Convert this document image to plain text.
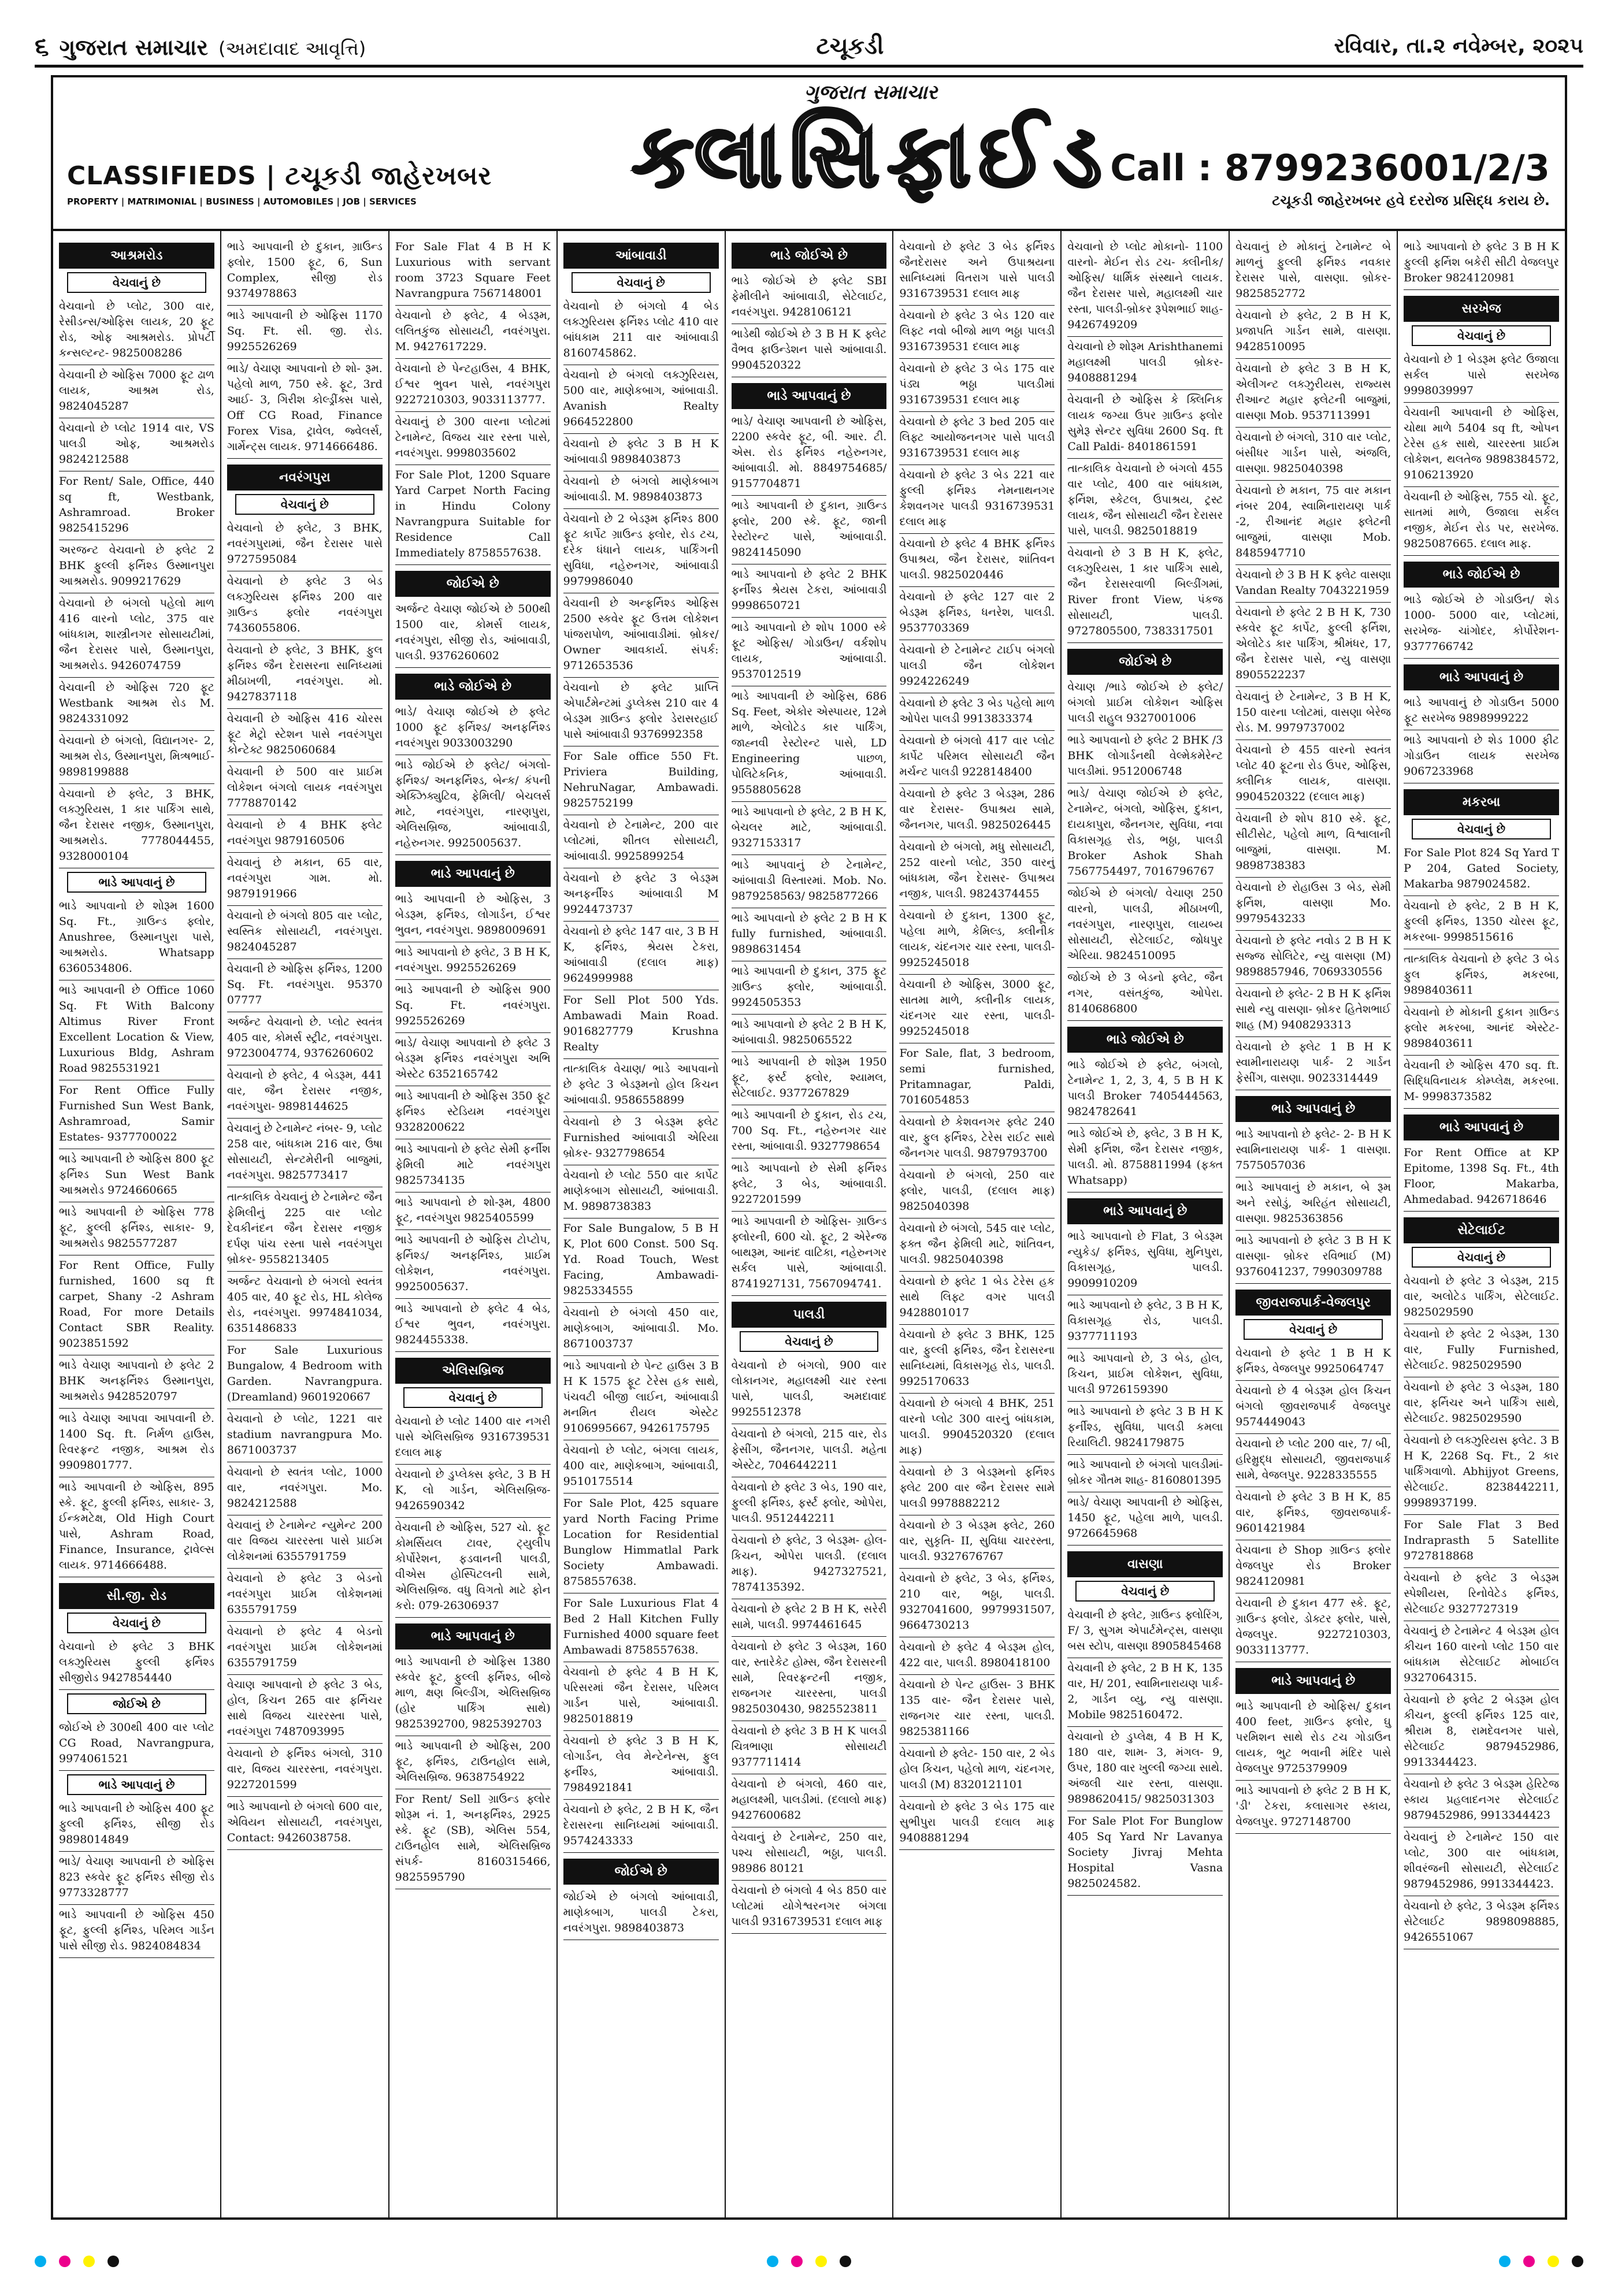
૬ ગુજરાત સમાચાર (અમદાવાદ આવૃત્તિ)	ટચૂકડી	રવિવાર, તા.૨ નવેમ્બર, ૨૦૨૫
CLASSIFIEDS | ટચૂકડી જાહેરખબર
PROPERTY | MATRIMONIAL | BUSINESS | AUTOMOBILES | JOB | SERVICES
ગુજરાત સમાચાર
ક્લાસિફાઈડ Call : 8799236001/2/3
ટચૂકડી જાહેરખબર હવે દરરોજ પ્રસિદ્ધ કરાય છે.
આશ્રમરોડ
વેચવાનું છે
વેચવાનો છે પ્લોટ, 300 વાર, રેસીડન્સ/ઓફિસ લાયક, 20 ફૂટ રોડ, ઓફ આશ્રમરોડ. પ્રોપર્ટી કન્સલ્ટન્ટ- 9825008286
વેચવાની છે ઓફિસ 7000 ફૂટ ઢાળ લાયક, આશ્રમ રોડ, 9824045287
વેચવાનો છે પ્લોટ 1914 વાર, VS પાલડી ઓફ, આશ્રમરોડ 9824212588
For Rent/ Sale, Office, 440 sq ft, Westbank, Ashramroad. Broker 9825415296
અરજન્ટ વેચવાનો છે ફ્લેટ 2 BHK ફુલ્લી ફર્નિશ્ડ ઉસ્માનપુરા આશ્રમરોડ. 9099217629
વેચવાનો છે બંગલો પહેલો માળ 416 વારનો પ્લોટ, 375 વાર બાંધકામ, શાસ્ત્રીનગર સોસાયટીમાં, જૈન દેરાસર પાસે, ઉસ્માનપુરા, આશ્રમરોડ. 9426074759
વેચવાની છે ઓફિસ 720 ફૂટ Westbank આશ્રમ રોડ M. 9824331092
વેચવાનો છે બંગલો, વિદ્યાનગર- 2, આશ્રમ રોડ, ઉસ્માનપુરા, મિત્ર્ષભાઈ- 9898199888
વેચવાનો છે ફ્લેટ, 3 BHK, લક્ઝુરિયસ, 1 કાર પાર્કિંગ સાથે, જૈન દેરાસર નજીક, ઉસ્માનપુરા, આશ્રમરોડ. 7778044455, 9328000104
ભાડે આપવાનું છે
ભાડે આપવાનો છે શોરૂમ 1600 Sq. Ft., ગ્રાઉન્ડ ફ્લોર, Anushree, ઉસ્માનપુરા પાસે, આશ્રમરોડ. Whatsapp 6360534806.
ભાડે આપવાની છે Office 1060 Sq. Ft With Balcony Altimus River Front Excellent Location & View, Luxurious Bldg, Ashram Road 9825531921
For Rent Office Fully Furnished Sun West Bank, Ashramroad, Samir Estates- 9377700022
ભાડે આપવાની છે ઓફિસ 800 ફૂટ ફર્નિશ્ડ Sun West Bank આશ્રમરોડ 9724660665
ભાડે આપવાની છે ઓફિસ 778 ફૂટ, ફુલ્લી ફર્નિશ્ડ, સાકાર- 9, આશ્રમરોડ 9825577287
For Rent Office, Fully furnished, 1600 sq ft carpet, Shany -2 Ashram Road, For more Details Contact SBR Reality. 9023851592
ભાડે વેચાણ આપવાનો છે ફ્લેટ 2 BHK અનફર્નિશ્ડ ઉસ્માનપુરા, આશ્રમરોડ 9428520797
ભાડે વેચાણ આપવા આપવાની છે. 1400 Sq. ft. નિર્મળ હાઉસ, રિવરફ્રન્ટ નજીક, આશ્રમ રોડ 9909801777.
ભાડે આપવાની છે ઓફિસ, 895 સ્કે. ફૂટ, ફુલ્લી ફર્નિશ્ડ, સાકાર- 3, ઈન્કમટેક્ષ, Old High Court પાસે, Ashram Road, Finance, Insurance, ટ્રાવેલ્સ લાયક. 9714666488.
સી.જી. રોડ
વેચવાનું છે
વેચવાનો છે ફ્લેટ 3 BHK લક્ઝુરિયસ ફુલ્લી ફર્નિશ્ડ સીજીરોડ 9427854440
જોઈએ છે
જોઈએ છે 300થી 400 વાર પ્લોટ CG Road, Navrangpura, 9974061521
ભાડે આપવાનું છે
ભાડે આપવાની છે ઓફિસ 400 ફૂટ ફુલ્લી ફર્નિશ્ડ, સીજી રોડ 9898014849
ભાડે/ વેચાણ આપવાની છે ઓફિસ 823 સ્કવેર ફૂટ ફર્નિશ્ડ સીજી રોડ 9773328777
ભાડે આપવાની છે ઓફિસ 450 ફૂટ, ફુલ્લી ફર્નિશ્ડ, પરિમલ ગાર્ડન પાસે સીજી રોડ. 9824084834
ભાડે આપવાની છે દુકાન, ગ્રાઉન્ડ ફ્લોર, 1500 ફૂટ, 6, Sun Complex, સીજી રોડ 9374978863
ભાડે આપવાની છે ઓફિસ 1170 Sq. Ft. સી. જી. રોડ. 9925526269
ભાડે/ વેચાણ આપવાનો છે શો- રૂમ. પહેલો માળ, 750 સ્કે. ફૂટ, 3rd આઈ- 3, ગિરીશ કોલ્ડ્રીંક્સ પાસે, Off CG Road, Finance Forex Visa, ટ્રાવેલ, જ્વેલર્સ, ગાર્મેન્ટ્સ લાયક. 9714666486.
નવરંગપુરા
વેચવાનું છે
વેચવાનો છે ફ્લેટ, 3 BHK, નવરંગપુરામાં, જૈન દેરાસર પાસે 9727595084
વેચવાનો છે ફ્લેટ 3 બેડ લક્ઝુરિયસ ફર્નિશ્ડ 200 વાર ગ્રાઉન્ડ ફ્લોર નવરંગપુરા 7436055806.
વેચવાનો છે ફ્લેટ, 3 BHK, ફુલ ફર્નિશ્ડ જૈન દેરાસરના સાનિધ્યમાં મીઠાખળી, નવરંગપુરા. મો. 9427837118
વેચવાની છે ઓફિસ 416 ચોરસ ફૂટ મેટ્રો સ્ટેશન પાસે નવરંગપુરા કોન્ટેક્ટ 9825060684
વેચવાની છે 500 વાર પ્રાઈમ લોકેશન બંગલો લાયક નવરંગપુરા 7778870142
વેચવાનો છે 4 BHK ફ્લેટ નવરંગપુરા 9879160506
વેચવાનું છે મકાન, 65 વાર, નવરંગપુરા ગામ. મો. 9879191966
વેચવાનો છે બંગલો 805 વાર પ્લોટ, સ્વસ્તિક સોસાયટી, નવરંગપુરા. 9824045287
વેચવાની છે ઓફિસ ફર્નિશ્ડ, 1200 Sq. Ft. નવરંગપુરા. 95370 07777
અર્જન્ટ વેચવાનો છે. પ્લોટ સ્વતંત્ર 405 વાર, કોમર્સ સ્ટ્રીટ, નવરંગપુરા. 9723004774, 9376260602
વેચવાનો છે ફ્લેટ, 4 બેડરૂમ, 441 વાર, જૈન દેરાસર નજીક, નવરંગપુરા- 9898144625
વેચવાનું છે ટેનામેન્ટ નંબર- 9, પ્લોટ 258 વાર, બાંધકામ 216 વાર, ઉષા સોસાયટી, સેન્ટમેરીની બાજુમાં, નવરંગપુરા. 9825773417
તાત્કાલિક વેચવાનું છે ટેનામેન્ટ જૈન ફેમિલીનું 225 વાર પ્લોટ દેવકીનંદન જૈન દેરાસર નજીક દર્પણ પાંચ રસ્તા પાસે નવરંગપુરા બ્રોકર- 9558213405
અર્જન્ટ વેચવાનો છે બંગલો સ્વતંત્ર 405 વાર, 40 ફૂટ રોડ, HL કોલેજ રોડ, નવરંગપુરા. 9974841034, 6351486833
For Sale Luxurious Bungalow, 4 Bedroom with Garden. Navrangpura. (Dreamland) 9601920667
વેચવાનો છે પ્લોટ, 1221 વાર stadium navrangpura Mo. 8671003737
વેચવાનો છે સ્વતંત્ર પ્લોટ, 1000 વાર, નવરંગપુરા. Mo. 9824212588
વેચવાનું છે ટેનામેન્ટ ન્યુમેન્ટ 200 વાર વિજય ચારરસ્તા પાસે પ્રાઈમ લોકેશનમાં 6355791759
વેચવાનો છે ફ્લેટ 3 બેડનો નવરંગપુરા પ્રાઈમ લોકેશનમાં 6355791759
વેચવાનો છે ફ્લેટ 4 બેડનો નવરંગપુરા પ્રાઈમ લોકેશનમાં 6355791759
વેચાણ આપવાનો છે ફ્લેટ 3 બેડ, હોલ, કિચન 265 વાર ફર્નિચર સાથે વિજય ચારરસ્તા પાસે, નવરંગપુરા 7487093995
વેચવાનો છે ફર્નિશ્ડ બંગલો, 310 વાર, વિજય ચારરસ્તા, નવરંગપુરા. 9227201599
ભાડે આપવાનો છે બંગલો 600 વાર, એવિયન સોસાયટી, નવરંગપુરા, Contact: 9426038758.
For Sale Flat 4 B H K Luxurious with servant room 3723 Square Feet Navrangpura 7567148001
વેચવાનો છે ફ્લેટ, 4 બેડરૂમ, લલિતકુંજ સોસાયટી, નવરંગપુરા. M. 9427617229.
વેચવાનો છે પેન્ટહાઉસ, 4 BHK, ઈશ્વર ભુવન પાસે, નવરંગપુરા 9227210303, 9033113777.
વેચવાનું છે 300 વારના પ્લોટમાં ટેનામેન્ટ, વિજય ચાર રસ્તા પાસે, નવરંગપુરા. 9998035602
For Sale Plot, 1200 Square Yard Carpet North Facing in Hindu Colony Navrangpura Suitable for Residence Call Immediately 8758557638.
જોઈએ છે
અર્જન્ટ વેચાણ જોઈએ છે 500થી 1500 વાર, કોમર્સ લાયક, નવરંગપુરા, સીજી રોડ, આંબાવાડી, પાલડી. 9376260602
ભાડે જોઈએ છે
ભાડે/ વેચાણ જોઈએ છે ફ્લેટ 1000 ફૂટ ફર્નિશ્ડ/ અનફર્નિશ્ડ નવરંગપુરા 9033003290
ભાડે જોઈએ છે ફ્લેટ/ બંગલો- ફર્નિશ્ડ/ અનફર્નિશ્ડ, બેન્ક/ કંપની એક્ઝિક્યુટિવ, ફેમિલી/ બેચલર્સ માટે, નવરંગપુરા, નારણપુરા, એલિસબ્રિજ, આંબાવાડી, નહેરુનગર. 9925005637.
ભાડે આપવાનું છે
ભાડે આપવાની છે ઓફિસ, 3 બેડરૂમ, ફર્નિશ્ડ, લોગાર્ડન, ઈશ્વર ભુવન, નવરંગપુરા. 9898009691
ભાડે આપવાનો છે ફ્લેટ, 3 B H K, નવરંગપુરા. 9925526269
ભાડે આપવાની છે ઓફિસ 900 Sq. Ft. નવરંગપુરા. 9925526269
ભાડે/ વેચાણ આપવાનો છે ફ્લેટ 3 બેડરૂમ ફર્નિશ્ડ નવરંગપુરા અભિ એસ્ટેટ 6352165742
ભાડે આપવાની છે ઓફિસ 350 ફૂટ ફર્નિશ્ડ સ્ટેડિયમ નવરંગપુરા 9328200622
ભાડે આપવાનો છે ફ્લેટ સેમી ફર્નીશ ફેમિલી માટે નવરંગપુરા 9825734135
ભાડે આપવાનો છે શો-રૂમ, 4800 ફૂટ, નવરંગપુરા 9825405599
ભાડે આપવાની છે ઓફિસ ટોપ્ટોપ, ફર્નિશ્ડ/ અનફર્નિશ્ડ, પ્રાઈમ લોકેશન, નવરંગપુરા. 9925005637.
ભાડે આપવાનો છે ફ્લેટ 4 બેડ, ઈશ્વર ભુવન, નવરંગપુરા. 9824455338.
એલિસબ્રિજ
વેચવાનું છે
વેચવાનો છે પ્લોટ 1400 વાર નગરી પાસે એલિસબ્રિજ 9316739531 દલાલ માફ
વેચવાનો છે ડુપ્લેક્સ ફ્લેટ, 3 B H K, લો ગાર્ડન, એલિસબ્રિજ- 9426590342
વેચવાની છે ઓફિસ, 527 ચો. ફૂટ કોમર્સિયલ ટાવર, ટ્યુલીપ કોર્પોરેશન, ફડવાનની પાલડી, વીએસ હોસ્પિટલની સામે, એલિસબ્રિજ. વધુ વિગતો માટે ફોન કરો: 079-26306937
ભાડે આપવાનું છે
ભાડે આપવાની છે ઓફિસ 1380 સ્કવેર ફૂટ, ફુલ્લી ફર્નિશ્ડ, બીજે માળ, ક્ષણ બિલ્ડીંગ, એલિસબ્રિજ (હોર પાર્કિંગ સાથે) 9825392700, 9825392703
ભાડે આપવાની છે ઓફિસ, 200 ફૂટ, ફર્નિશ્ડ, ટાઉનહોલ સામે, એલિસબ્રિજ. 9638754922
For Rent/ Sell ગ્રાઉન્ડ ફ્લોર શોરૂમ નં. 1, અનફર્નિશ્ડ, 2925 સ્કે. ફૂટ (SB), એલિસ 554, ટાઉનહોલ સામે, એલિસબ્રિજ સંપર્ક- 8160315466, 9825595790
આંબાવાડી
વેચવાનું છે
વેચવાનો છે બંગલો 4 બેડ લક્ઝુરિયસ ફર્નિશ્ડ પ્લોટ 410 વાર બાંધકામ 211 વાર આંબાવાડી 8160745862.
વેચવાનો છે બંગલો લક્ઝુરિયસ, 500 વાર, માણેકબાગ, આંબાવાડી. Avanish Realty 9664522800
વેચવાનો છે ફ્લેટ 3 B H K આંબાવાડી 9898403873
વેચવાનો છે બંગલો માણેકબાગ આંબાવાડી. M. 9898403873
વેચવાનો છે 2 બેડરૂમ ફર્નિશ્ડ 800 ફૂટ કાર્પેટ ગ્રાઉન્ડ ફ્લોર, રોડ ટચ, દરેક ધંધાને લાયક, પાર્કિંગની સુવિધા, નહેરુનગર, આંબાવાડી 9979986040
વેચવાની છે અન્ફર્નિશ્ડ ઓફિસ 2500 સ્કવેર ફૂટ ઉત્તમ લોકેશન પાંજરાપોળ, આંબાવાડીમાં. બ્રોકર/ Owner આવકાર્ય. સંપર્ક: 9712653536
વેચવાનો છે ફ્લેટ પ્રાપ્તિ એપાર્ટમેન્ટમાં ડુપ્લેક્સ 210 વાર 4 બેડરૂમ ગ્રાઉન્ડ ફ્લોર ડેરાસરહાઈ પાસે આંબાવાડી 9376992358
For Sale office 550 Ft. Priviera Building, NehruNagar, Ambawadi. 9825752199
વેચવાનો છે ટેનામેન્ટ, 200 વાર પ્લોટમાં, શીતલ સોસાયટી, આંબાવાડી. 9925899254
વેચવાનો છે ફ્લેટ 3 બેડરૂમ અનફર્નીશ્ડ આંબાવાડી M 9924473737
વેચવાનો છે ફ્લેટ 147 વાર, 3 B H K, ફર્નિશ્ડ, શ્રેયસ ટેકરા, આંબાવાડી (દલાલ માફ) 9624999988
For Sell Plot 500 Yds. Ambawadi Main Road. 9016827779 Krushna Realty
તાત્કાલિક વેચાણ/ ભાડે આપવાનો છે ફ્લેટ 3 બેડરૂમનો હોલ કિચન આંબાવાડી. 9586558899
વેચવાનો છે 3 બેડરૂમ ફ્લેટ Furnished આંબાવાડી એરિયા બ્રોકર- 9327798654
વેચવાનો છે પ્લોટ 550 વાર કાર્પેટ માણેકબાગ સોસાયટી, આંબાવાડી. M. 9898738383
For Sale Bungalow, 5 B H K, Plot 600 Const. 500 Sq. Yd. Road Touch, West Facing, Ambawadi- 9825334555
વેચવાનો છે બંગલો 450 વાર, માણેકબાગ, આંબાવાડી. Mo. 8671003737
ભાડે આપવાનો છે પેન્ટ હાઉસ 3 B H K 1575 ફૂટ ટેરેસ હક સાથે, પંચવટી બીજી લાઈન, આંબાવાડી મનમિત રીયલ એસ્ટેટ 9106995667, 9426175795
વેચવાનો છે પ્લોટ, બંગલા લાયક, 400 વાર, માણેકબાગ, આંબાવાડી, 9510175514
For Sale Plot, 425 square yard North Facing Prime Location for Residential Bunglow Himmatlal Park Society Ambawadi. 8758557638.
For Sale Luxurious Flat 4 Bed 2 Hall Kitchen Fully Furnished 4000 square feet Ambawadi 8758557638.
વેચવાનો છે ફ્લેટ 4 B H K, પરિસરમાં જૈન દેરાસર, પરિમલ ગાર્ડન પાસે, આંબાવાડી. 9825018819
વેચવાનો છે ફ્લેટ 3 B H K, લોગાર્ડન, લેવ મેન્ટેનેન્સ, ફુલ ફર્નીશ્ડ, આંબાવાડી. 7984921841
વેચવાનો છે ફ્લેટ, 2 B H K, જૈન દેરાસરના સાનિધ્યમાં આંબાવાડી. 9574243333
જોઈએ છે
જોઈએ છે બંગલો આંબાવાડી, માણેકબાગ, પાલડી ટેકરા, નવરંગપુરા. 9898403873
ભાડે જોઈએ છે
ભાડે જોઈએ છે ફ્લેટ SBI ફેમીલીને આંબાવાડી, સેટેલાઈટ, નવરંગપુરા. 9428106121
ભાડેથી જોઈએ છે 3 B H K ફ્લેટ વૈભવ ફાઉન્ડેશન પાસે આંબાવાડી. 9904520322
ભાડે આપવાનું છે
ભાડે/ વેચાણ આપવાની છે ઓફિસ, 2200 સ્કવેર ફૂટ, બી. આર. ટી. એસ. રોડ ફર્નિશ્ડ નહેરુનગર, આંબાવાડી. મો. 8849754685/ 9157704871
ભાડે આપવાની છે દુકાન, ગ્રાઉન્ડ ફ્લોર, 200 સ્કે. ફૂટ, જાની રેસ્ટોરન્ટ પાસે, આંબાવાડી. 9824145090
ભાડે આપવાનો છે ફ્લેટ 2 BHK ફર્નીશ્ડ શ્રેયસ ટેકરા, આંબાવાડી 9998650721
ભાડે આપવાનો છે શોપ 1000 સ્કે ફૂટ ઓફિસ/ ગોડાઉન/ વર્કશોપ લાયક, આંબાવાડી. 9537012519
ભાડે આપવાની છે ઓફિસ, 686 Sq. Feet, એકોર એસ્પાયર, 12મે માળે, એલોટેડ કાર પાર્કિંગ, જાહ્નવી રેસ્ટોરન્ટ પાસે, LD Engineering પાછળ, પોલિટેકનિક, આંબાવાડી. 9558805628
ભાડે આપવાનો છે ફ્લેટ, 2 B H K, બેચલર માટે, આંબાવાડી. 9327153317
ભાડે આપવાનું છે ટેનામેન્ટ, આંબાવાડી વિસ્તારમાં. Mob. No. 9879258563/ 9825877266
ભાડે આપવાનો છે ફ્લેટ 2 B H K fully furnished, આંબાવાડી. 9898631454
ભાડે આપવાની છે દુકાન, 375 ફૂટ ગ્રાઉન્ડ ફ્લોર, આંબાવાડી. 9924505353
ભાડે આપવાનો છે ફ્લેટ 2 B H K, આંબાવાડી. 9825065522
ભાડે આપવાની છે શોરૂમ 1950 ફૂટ, ફર્સ્ટ ફ્લોર, શ્યામલ, સેટેલાઈટ. 9377267829
ભાડે આપવાની છે દુકાન, રોડ ટચ, 700 Sq. Ft., નહેરુનગર ચાર રસ્તા, આંબાવાડી. 9327798654
ભાડે આપવાનો છે સેમી ફર્નિશ્ડ ફ્લેટ, 3 બેડ, આંબાવાડી. 9227201599
ભાડે આપવાની છે ઓફિસ- ગ્રાઉન્ડ ફ્લોરની, 600 ચો. ફૂટ, 2 એરેન્જ બાથરૂમ, આનંદ વાટિકા, નહેરુનગર સર્કલ પાસે, આંબાવાડી. 8741927131, 7567094741.
પાલડી
વેચવાનું છે
વેચવાનો છે બંગલો, 900 વાર લોકાનગર, મહાલક્ષ્મી ચાર રસ્તા પાસે, પાલડી, અમદાવાદ 9925512378
વેચવાનો છે બંગલો, 215 વાર, રોડ ફેસીંગ, જૈનનગર, પાલડી. મહેતા એસ્ટેટ, 7046442211
વેચવાનો છે ફ્લેટ 3 બેડ, 190 વાર, ફુલ્લી ફર્નિશ્ડ, ફર્સ્ટ ફ્લોર, ઓપેરા, પાલડી. 9512442211
વેચવાનો છે ફ્લેટ, 3 બેડરૂમ- હોલ- કિચન, ઓપેરા પાલડી. (દલાલ માફ). 9427327521, 7874135392.
વેચવાનો છે ફ્લેટ 2 B H K, સરેરી સામે, પાલડી. 9974461645
વેચવાનો છે ફ્લેટ 3 બેડરૂમ, 160 વાર, સ્તારેકેટ હોમ્સ, જૈન દેરાસરની સામે, રિવરફ્રન્ટની નજીક, રાજનગર ચારરસ્તા, પાલડી 9825030430, 9825523811
વેચવાનો છે ફ્લેટ 3 B H K પાલડી ચિત્રભાણા સોસાયટી 9377711414
વેચવાનો છે બંગલો, 460 વાર, મહાલક્ષ્મી, પાલડીમાં. (દલાલો માફ) 9427600682
વેચવાનું છે ટેનામેન્ટ, 250 વાર, પશ્ચ સોસાયટી, ભઠ્ઠા, પાલડી. 98986 80121
વેચવાનો છે બંગલો 4 બેડ 850 વાર પ્લોટમાં યોગેશ્વરનગર બંગલા પાલડી 9316739531 દલાલ માફ
વેચવાનો છે ફ્લેટ 3 બેડ ફર્નિશ્ડ જૈનદેરાસર અને ઉપાશ્રયના સાનિધ્યમાં વિતરાગ પાસે પાલડી 9316739531 દલાલ માફ
વેચવાનો છે ફ્લેટ 3 બેડ 120 વાર લિફ્ટ નવો બીજો માળ ભઠ્ઠા પાલડી 9316739531 દલાલ માફ
વેચવાનો છે ફ્લેટ 3 બેડ 175 વાર પંડ્ય ભઠ્ઠા પાલડીમાં 9316739531 દલાલ માફ
વેચવાનો છે ફ્લેટ 3 bed 205 વાર લિફ્ટ આયોજનનગર પાસે પાલડી 9316739531 દલાલ માફ
વેચવાનો છે ફ્લેટ 3 બેડ 221 વાર ફુલ્લી ફર્નિશ્ડ નેમનાથનગર કેશવનગર પાલડી 9316739531 દલાલ માફ
વેચવાનો છે ફ્લેટ 4 BHK ફર્નિશ્ડ ઉપાશ્રય, જૈન દેરાસર, શાંતિવન પાલડી. 9825020446
વેચવાનો છે ફ્લેટ 127 વાર 2 બેડરૂમ ફર્નિશ્ડ, ધનરેશ, પાલડી. 9537703369
વેચવાનો છે ટેનામેન્ટ ટાઈપ બંગલો પાલડી જૈન લોકેશન 9924226249
વેચવાનો છે ફ્લેટ 3 બેડ પહેલો માળ ઓપેરા પાલડી 9913833374
વેચવાનો છે બંગલો 417 વાર પ્લોટ કાર્પેટ પરિમલ સોસાયટી જૈન મર્ચન્ટ પાલડી 9228148400
વેચવાનો છે ફ્લેટ 3 બેડરૂમ, 286 વાર દેરાસર- ઉપાશ્રય સામે, જૈનનગર, પાલડી. 9825026445
વેચવાનો છે બંગલો, મધુ સોસાયટી, 252 વારનો પ્લોટ, 350 વારનું બાંધકામ, જૈન દેરાસર- ઉપાશ્રય નજીક, પાલડી. 9824374455
વેચવાનો છે દુકાન, 1300 ફૂટ, પહેલા માળે, કેમિલ્ડ, ક્લીનીક લાયક, ચંદનગર ચાર રસ્તા, પાલડી- 9925245018
વેચવાની છે ઓફિસ, 3000 ફૂટ, સાતમા માળે, ક્લીનીક લાયક, ચંદનગર ચાર રસ્તા, પાલડી- 9925245018
For Sale, flat, 3 bedroom, semi furnished, Pritamnagar, Paldi, 7016054853
વેચવાનો છે કેશવનગર ફ્લેટ 240 વાર, ફુલ ફર્નિશ્ડ, ટેરેસ રાઈટ સાથે જૈનનગર પાલડી. 9879793700
વેચવાનો છે બંગલો, 250 વાર ફ્લોર, પાલડી, (દલાલ માફ) 9825040398
વેચવાનો છે બંગલો, 545 વાર પ્લોટ, ફક્ત જૈન ફેમિલી માટે, શાંતિવન, પાલડી. 9825040398
વેચવાનો છે ફ્લેટ 1 બેડ ટેરેસ હક સાથે લિફ્ટ વગર પાલડી 9428801017
વેચવાનો છે ફ્લેટ 3 BHK, 125 વાર, ફુલ્લી ફર્નિશ્ડ, જૈન દેરાસરના સાનિધ્યમાં, વિકાસગૃહ રોડ, પાલડી. 9925170633
વેચવાનો છે બંગલો 4 BHK, 251 વારનો પ્લોટ 300 વારનું બાંધકામ, પાલડી. 9904520320 (દલાલ માફ)
વેચવાનો છે 3 બેડરૂમનો ફર્નિશ્ડ ફ્લેટ 200 વાર જૈન દેરાસર સામે પાલડી 9978882212
વેચવાનો છે 3 બેડરૂમ ફ્લેટ, 260 વાર, સુકૃતિ- II, સુવિધા ચારરસ્તા, પાલડી. 9327676767
વેચવાનો છે ફ્લેટ, 3 બેડ, ફર્નિશ્ડ, 210 વાર, ભઠ્ઠા, પાલડી. 9327041600, 9979931507, 9664730213
વેચવાનો છે ફ્લેટ 4 બેડરૂમ હોલ, 422 વાર, પાલડી. 8980418100
વેચવાનો છે પેન્ટ હાઉસ- 3 BHK 135 વાર- જૈન દેરાસર પાસે, રાજનગર ચાર રસ્તા, પાલડી. 9825381166
વેચવાનો છે ફ્લેટ- 150 વાર, 2 બેડ હોલ કિચન, પહેલો માળ, ચંદનગર, પાલડી (M) 8320121101
વેચવાનો છે ફ્લેટ 3 બેડ 175 વાર સુભીપુરા પાલડી દલાલ માફ 9408881294
વેચવાનો છે પ્લોટ મોકાનો- 1100 વારનો- મેઈન રોડ ટચ- ક્લીનીક/ ઓફિસ/ ધાર્મિક સંસ્થાને લાયક. જૈન દેરાસર પાસે, મહાલક્ષ્મી ચાર રસ્તા, પાલડી-બ્રોકર રૂપેશભાઈ શાહ- 9426749209
વેચવાનો છે શોરૂમ Arishthanemi મહાલક્ષ્મી પાલડી બ્રોકર- 9408881294
વેચવાની છે ઓફિસ કે ક્લિનિક લાયક જગ્યા ઉપર ગ્રાઉન્ડ ફ્લોર સુમેરૂ સેન્ટર સુવિધા 2600 Sq. ft Call Paldi- 8401861591
તાત્કાલિક વેચવાનો છે બંગલો 455 વાર પ્લોટ, 400 વાર બાંધકામ, ફર્નિશ, સ્કેટલ, ઉપાશ્રય, ટ્રસ્ટ લાયક, જૈન સોસાયટી જૈન દેરાસર પાસે, પાલડી. 9825018819
વેચવાનો છે 3 B H K, ફ્લેટ, લક્ઝુરિયસ, 1 કાર પાર્કિંગ સાથે, જૈન દેરાસરવાળી બિલ્ડીંગમાં, River front View, પંકજ સોસાયટી, પાલડી. 9727805500, 7383317501
જોઈએ છે
વેચાણ /ભાડે જોઈએ છે ફ્લેટ/ બંગલો પ્રાઈમ લોકેશન ઓફિસ પાલડી રાહુલ 9327001006
ભાડે આપવાનો છે ફ્લેટ 2 BHK /3 BHK લોગાર્ડનથી વેલ્મેકમેરેન્ટ પાલડીમાં. 9512006748
ભાડે/ વેચાણ જોઈએ છે ફ્લેટ, ટેનામેન્ટ, બંગલો, ઓફિસ, દુકાન, દાયકાપુરા, જૈનનગર, સુવિધા, નવા વિકાસગૃહ રોડ, ભઠ્ઠા, પાલડી Broker Ashok Shah 7567754497, 7016796767
જોઈએ છે બંગલો/ વેચાણ 250 વારનો, પાલડી, મીઠાખળી, નવરંગપુરા, નારણપુરા, લાયબ્ય સોસાયટી, સેટેલાઈટ, જોધપુર એરિયા. 9824510095
જોઈએ છે 3 બેડનો ફ્લેટ, જૈન નગર, વસંતકુંજ, ઓપેરા. 8140686800
ભાડે જોઈએ છે
ભાડે જોઈએ છે ફ્લેટ, બંગલો, ટેનામેન્ટ 1, 2, 3, 4, 5 B H K પાલડી Broker 7405444563, 9824782641
ભાડે જોઈએ છે, ફ્લેટ, 3 B H K, સેમી ફર્નિશ, જૈન દેરાસર નજીક, પાલડી. મો. 8758811994 (ફક્ત Whatsapp)
ભાડે આપવાનું છે
ભાડે આપવાનો છે Flat, 3 બેડરૂમ ન્યુકેડ/ ફર્નિશ્ડ, સુવિધા, મુનિપુરા, વિકાસગૃહ, પાલડી. 9909910209
ભાડે આપવાનો છે ફ્લેટ, 3 B H K, વિકાસગૃહ રોડ, પાલડી. 9377711193
ભાડે આપવાનો છે, 3 બેડ, હોલ, કિચન, પ્રાઈમ લોકેશન, સુવિધા, પાલડી 9726159390
ભાડે આપવાનો છે ફ્લેટ 3 B H K ફર્નીશ્ડ, સુવિધા, પાલડી કમલા રિયાલિટી. 9824179875
ભાડે આપવાનો છે બંગલો પાલડીમાં- બ્રોકર ગૌતમ શાહ- 8160801395
ભાડે/ વેચાણ આપવાની છે ઓફિસ, 1450 ફૂટ, પહેલા માળે, પાલડી. 9726645968
વાસણા
વેચવાનું છે
વેચવાની છે ફ્લેટ, ગ્રાઉન્ડ ફ્લોરિંગ, F/ 3, સુગમ એપાર્ટમેન્ટ્સ, વાસણા બસ સ્ટોપ, વાસણા 8905845468
વેચવાની છે ફ્લેટ, 2 B H K, 135 વાર, H/ 201, સ્વામિનારાયણ પાર્ક- 2, ગાર્ડન વ્યુ, ન્યુ વાસણા. Mobile 9825160472.
વેચવાનો છે ડુપ્લેક્ષ, 4 B H K, 180 વાર, શામ- 3, મંગલ- 9, ઉપર, 180 વાર ખુલ્લી જગ્યા સાથે. અંજલી ચાર રસ્તા, વાસણા. 9898620415/ 9825031303
For Sale Plot For Bunglow 405 Sq Yard Nr Lavanya Society Jivraj Mehta Hospital Vasna 9825024582.
વેચવાનું છે મોકાનું ટેનામેન્ટ બે માળનું ફુલ્લી ફર્નિશ્ડ નવકાર દેરાસર પાસે, વાસણા. બ્રોકર- 9825852772
વેચવાનો છે ફ્લેટ, 2 B H K, પ્રજાપતિ ગાર્ડન સામે, વાસણા. 9428510095
વેચવાનો છે ફ્લેટ 3 B H K, એલીગન્ટ લક્ઝુરીયસ, રાજ્યસ રીઆન્ટ મહાર ફ્લેટની બાજુમાં, વાસણા Mob. 9537113991
વેચવાનો છે બંગલો, 310 વાર પ્લોટ, બંસીધર ગાર્ડન પાસે, અંજલિ, વાસણા. 9825040398
વેચવાનો છે મકાન, 75 વાર મકાન નંબર 204, સ્વામિનારાયણ પાર્ક -2, રીઆનંદ મહાર ફ્લેટની બાજુમાં, વાસણા Mob. 8485947710
વેચવાનો છે 3 B H K ફ્લેટ વાસણા Vandan Realty 7043221959
વેચવાનો છે ફ્લેટ 2 B H K, 730 સ્કવેર ફૂટ કાર્પેટ, ફુલ્લી ફર્નિશ, એલોટેડ કાર પાર્કિંગ, શ્રીમંધર, 17, જૈન દેરાસર પાસે, ન્યુ વાસણા 8905522237
વેચવાનું છે ટેનામેન્ટ, 3 B H K, 150 વારના પ્લોટમાં, વાસણા બેરેજ રોડ. M. 9979737002
વેચવાનો છે 455 વારનો સ્વતંત્ર પ્લોટ 40 ફૂટના રોડ ઉપર, ઓફિસ, ક્લીનિક લાયક, વાસણા. 9904520322 (દલાલ માફ)
વેચવાની છે શોપ 810 સ્કે. ફૂટ, સીટીસેટ, પહેલો માળ, વિશ્વાલાની બાજુમાં, વાસણા. M. 9898738383
વેચવાનો છે રોહાઉસ 3 બેડ, સેમી ફર્નિશ, વાસણા Mo. 9979543233
વેચવાનો છે ફ્લેટ નવોડ 2 B H K સજ્જ સોલિટેર, ન્યુ વાસણા (M) 9898857946, 7069330556
વેચવાનો છે ફ્લેટ- 2 B H K ફર્નિશ સાથે ન્યુ વાસણા- બ્રોકર હિતેશભાઈ શાહ (M) 9408293313
વેચવાનો છે ફ્લેટ 1 B H K સ્વામીનારાયણ પાર્ક- 2 ગાર્ડન ફેસીંગ, વાસણા. 9023314449
ભાડે આપવાનું છે
ભાડે આપવાનો છે ફ્લેટ- 2- B H K સ્વામિનારાયણ પાર્ક- 1 વાસણા. 7575057036
ભાડે આપવાનું છે મકાન, બે રૂમ અને રસોડું, અરિહંત સોસાયટી, વાસણા. 9825363856
ભાડે આપવાનો છે ફ્લેટ 3 B H K વાસણા- બ્રોકર રવિભાઈ (M) 9376041237, 7990309788
જીવરાજપાર્ક-વેજલપુર
વેચવાનું છે
વેચવાનો છે ફ્લેટ 1 B H K ફર્નિશ્ડ, વેજલપુર 9925064747
વેચવાનો છે 4 બેડરૂમ હોલ કિચન બંગલો જીવરાજપાર્ક વેજલપુર 9574449043
વેચવાનો છે પ્લોટ 200 વાર, 7/ બી, હરિમ્રુદ્ધ સોસાયટી, જીવરાજપાર્ક સામે, વેજલપુર. 9228335555
વેચવાનો છે ફ્લેટ 3 B H K, 85 વાર, ફર્નિશ્ડ, જીવરાજપાર્ક- 9601421984
વેચવાના છે Shop ગ્રાઉન્ડ ફ્લોર વેજલપુર રોડ Broker 9824120981
વેચવાની છે દુકાન 477 સ્કે. ફૂટ, ગ્રાઉન્ડ ફ્લોર, ડોક્ટર ફ્લોર, પાસે, વેજલપુર. 9227210303, 9033113777.
ભાડે આપવાનું છે
ભાડે આપવાની છે ઓફિસ/ દુકાન 400 feet, ગ્રાઉન્ડ ફ્લોર, ઘુ પરમિશન સાથે રોડ ટચ ગોડાઉન લાયક, ભુટ ભવાની મંદિર પાસે વેજલપુર 9725379909
ભાડે આપવાનો છે ફ્લેટ 2 B H K, 'ડી' ટેકરા, કલાસાગર સ્કાય, વેજલપુર. 9727148700
ભાડે આપવાનો છે ફ્લેટ 3 B H K ફુલ્લી ફર્નિશ બકેરી સીટી વેજલપુર Broker 9824120981
સરખેજ
વેચવાનું છે
વેચવાનો છે 1 બેડરૂમ ફ્લેટ ઉજાલા સર્કલ પાસે સરખેજ 9998039997
વેચવાની આપવાની છે ઓફિસ, ચોથા માળે 5404 sq ft, ઓપન ટેરેસ હક સાથે, ચારરસ્તા પ્રાઈમ લોકેશન, થલતેજ 9898384572, 9106213920
વેચવાની છે ઓફિસ, 755 ચો. ફૂટ, સાતમાં માળે, ઉજાલા સર્કલ નજીક, મેઈન રોડ પર, સરખેજ. 9825087665. દલાલ માફ.
ભાડે જોઈએ છે
ભાડે જોઈએ છે ગોડાઉન/ શેડ 1000- 5000 વાર, પ્લોટમાં, સરખેજ- ચાંગોદર, કોર્પોરેશન- 9377766742
ભાડે આપવાનું છે
ભાડે આપવાનું છે ગોડાઉન 5000 ફૂટ સરખેજ 9898999222
ભાડે આપવાનો છે શેડ 1000 ફીટ ગોડાઉન લાયક સરખેજ 9067233968
મકરબા
વેચવાનું છે
For Sale Plot 824 Sq Yard T P 204, Gated Society, Makarba 9879024582.
વેચવાનો છે ફ્લેટ, 2 B H K, ફુલ્લી ફર્નિશ્ડ, 1350 ચોરસ ફૂટ, મકરબા- 9998515616
તાત્કાલિક વેચવાનો છે ફ્લેટ 3 બેડ ફુલ ફર્નિશ્ડ, મકરબા, 9898403611
વેચવાનો છે મોકાની દુકાન ગ્રાઉન્ડ ફ્લોર મકરબા, આનંદ એસ્ટેટ- 9898403611
વેચવાની છે ઓફિસ 470 sq. ft. સિદ્ધિવિનાયક કોમ્પ્લેક્ષ, મકરબા. M- 9998373582
ભાડે આપવાનું છે
For Rent Office at KP Epitome, 1398 Sq. Ft., 4th Floor, Makarba, Ahmedabad. 9426718646
સેટેલાઈટ
વેચવાનું છે
વેચવાનો છે ફ્લેટ 3 બેડરૂમ, 215 વાર, અલોટેડ પાર્કિંગ, સેટેલાઈટ. 9825029590
વેચવાનો છે ફ્લેટ 2 બેડરૂમ, 130 વાર, Fully Furnished, સેટેલાઈટ. 9825029590
વેચવાનો છે ફ્લેટ 3 બેડરૂમ, 180 વાર, ફર્નિચર અને પાર્કિંગ સાથે, સેટેલાઈટ. 9825029590
વેચવાનો છે લક્ઝુરિયસ ફ્લેટ. 3 B H K, 2268 Sq. Ft., 2 કાર પાર્કિંગવાળો. Abhijyot Greens, સેટેલાઈટ. 8238442211, 9998937199.
For Sale Flat 3 Bed Indraprasth 5 Satellite 9727818868
વેચવાનો છે ફ્લેટ 3 બેડરૂમ સ્પેશીયસ, રિનોવેટેડ ફર્નિશ્ડ, સેટેલાઈટ 9327727319
વેચવાનું છે ટેનામેન્ટ 4 બેડરૂમ હોલ કીચન 160 વારનો પ્લોટ 150 વાર બાંધકામ સેટેલાઈટ મોબાઈલ 9327064315.
વેચવાનો છે ફ્લેટ 2 બેડરૂમ હોલ કીચન, ફુલ્લી ફર્નિશ્ડ 125 વાર, શ્રીરામ 8, રામદેવનગર પાસે, સેટેલાઈટ 9879452986, 9913344423.
વેચવાનો છે ફ્લેટ 3 બેડરૂમ હેરિટેજ સ્કાય પ્રહલાદનગર સેટેલાઈટ 9879452986, 9913344423
વેચવાનું છે ટેનામેન્ટ 150 વાર પ્લોટ, 300 વાર બાંધકામ, શીવરંજની સોસાયટી, સેટેલાઈટ 9879452986, 9913344423.
વેચવાનો છે ફ્લેટ, 3 બેડરૂમ ફર્નિશ્ડ સેટેલાઈટ 9898098885, 9426551067
